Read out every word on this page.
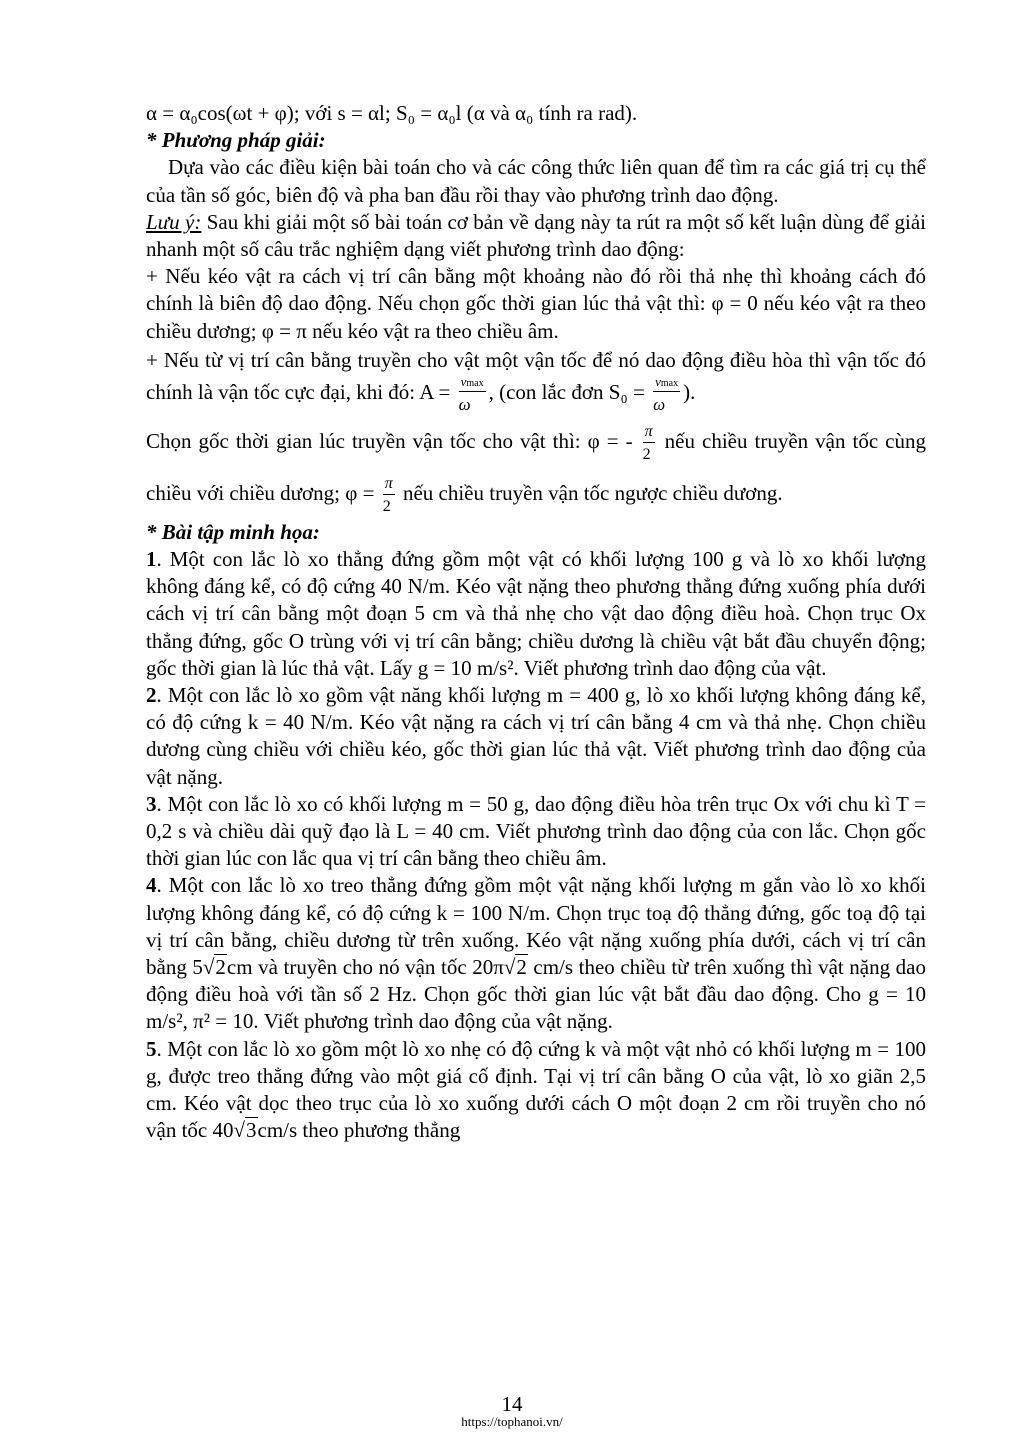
α = α₀cos(ωt + φ); với s = αl; S₀ = α₀l (α và α₀ tính ra rad).

* Phương pháp giải:

Dựa vào các điều kiện bài toán cho và các công thức liên quan để tìm ra các giá trị cụ thể của tần số góc, biên độ và pha ban đầu rồi thay vào phương trình dao động.

Lưu ý: Sau khi giải một số bài toán cơ bản về dạng này ta rút ra một số kết luận dùng để giải nhanh một số câu trắc nghiệm dạng viết phương trình dao động:

+ Nếu kéo vật ra cách vị trí cân bằng một khoảng nào đó rồi thả nhẹ thì khoảng cách đó chính là biên độ dao động. Nếu chọn gốc thời gian lúc thả vật thì: φ = 0 nếu kéo vật ra theo chiều dương; φ = π nếu kéo vật ra theo chiều âm.

+ Nếu từ vị trí cân bằng truyền cho vật một vận tốc để nó dao động điều hòa thì vận tốc đó chính là vận tốc cực đại, khi đó: $A = \frac{vmax}{\omega}$ , (con lắc đơn $S_0 = \frac{vmax}{\omega}$ ).

Chọn gốc thời gian lúc truyền vận tốc cho vật thì: φ = - $\frac{\pi}{2}$ nếu chiều truyền vận tốc cùng chiều với chiều dương; $\varphi = \frac{\pi}{2}$ nếu chiều truyền vận tốc ngược chiều dương.

* Bài tập minh họa:

1. Một con lắc lò xo thẳng đứng gồm một vật có khối lượng 100 g và lò xo khối lượng không đáng kể, có độ cứng 40 N/m. Kéo vật nặng theo phương thẳng đứng xuống phía dưới cách vị trí cân bằng một đoạn 5 cm và thả nhẹ cho vật dao động điều hoà. Chọn trục Ox thẳng đứng, gốc O trùng với vị trí cân bằng; chiều dương là chiều vật bắt đầu chuyển động; gốc thời gian là lúc thả vật. Lấy g = 10 m/s². Viết phương trình dao động của vật.

2. Một con lắc lò xo gồm vật năng khối lượng m = 400 g, lò xo khối lượng không đáng kể, có độ cứng k = 40 N/m. Kéo vật nặng ra cách vị trí cân bằng 4 cm và thả nhẹ. Chọn chiều dương cùng chiều với chiều kéo, gốc thời gian lúc thả vật. Viết phương trình dao động của vật nặng.

3. Một con lắc lò xo có khối lượng m = 50 g, dao động điều hòa trên trục Ox với chu kì T = 0,2 s và chiều dài quỹ đạo là L = 40 cm. Viết phương trình dao động của con lắc. Chọn gốc thời gian lúc con lắc qua vị trí cân bằng theo chiều âm.

4. Một con lắc lò xo treo thẳng đứng gồm một vật nặng khối lượng m gắn vào lò xo khối lượng không đáng kể, có độ cứng k = 100 N/m. Chọn trục toạ độ thẳng đứng, gốc toạ độ tại vị trí cân bằng, chiều dương từ trên xuống. Kéo vật nặng xuống phía dưới, cách vị trí cân bằng 5√2cm và truyền cho nó vận tốc 20π√2 cm/s theo chiều từ trên xuống thì vật nặng dao động điều hoà với tần số 2 Hz. Chọn gốc thời gian lúc vật bắt đầu dao động. Cho g = 10 m/s², π² = 10. Viết phương trình dao động của vật nặng.

5. Một con lắc lò xo gồm một lò xo nhẹ có độ cứng k và một vật nhỏ có khối lượng m = 100 g, được treo thẳng đứng vào một giá cố định. Tại vị trí cân bằng O của vật, lò xo giãn 2,5 cm. Kéo vật dọc theo trục của lò xo xuống dưới cách O một đoạn 2 cm rồi truyền cho nó vận tốc 40√3cm/s theo phương thẳng

14
https://tophanoi.vn/
